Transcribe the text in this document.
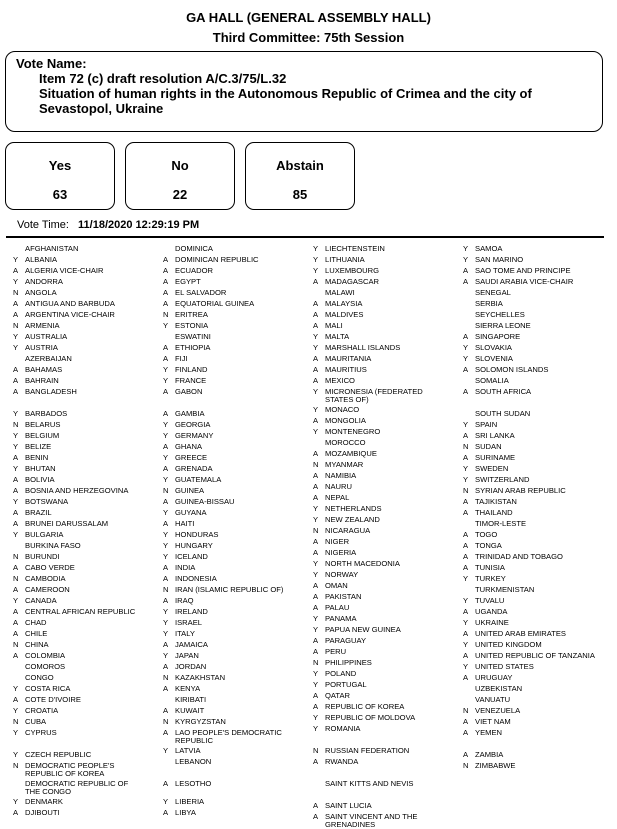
GA HALL (GENERAL ASSEMBLY HALL)
Third Committee: 75th Session
Vote Name:
Item 72 (c) draft resolution A/C.3/75/L.32
Situation of human rights in the Autonomous Republic of Crimea and the city of
Sevastopol, Ukraine
Yes
63
No
22
Abstain
85
Vote Time: 11/18/2020 12:29:19 PM
AFGHANISTAN
Y ALBANIA
A ALGERIA VICE-CHAIR
Y ANDORRA
N ANGOLA
A ANTIGUA AND BARBUDA
A ARGENTINA VICE-CHAIR
N ARMENIA
Y AUSTRALIA
Y AUSTRIA
AZERBAIJAN
A BAHAMAS
A BAHRAIN
A BANGLADESH
Y BARBADOS
N BELARUS
Y BELGIUM
Y BELIZE
A BENIN
Y BHUTAN
A BOLIVIA
A BOSNIA AND HERZEGOVINA
Y BOTSWANA
A BRAZIL
A BRUNEI DARUSSALAM
Y BULGARIA
BURKINA FASO
N BURUNDI
A CABO VERDE
N CAMBODIA
A CAMEROON
Y CANADA
A CENTRAL AFRICAN REPUBLIC
A CHAD
A CHILE
N CHINA
A COLOMBIA
COMOROS
CONGO
Y COSTA RICA
A COTE D'IVOIRE
Y CROATIA
N CUBA
Y CYPRUS
Y CZECH REPUBLIC
N DEMOCRATIC PEOPLE'S REPUBLIC OF KOREA
DEMOCRATIC REPUBLIC OF THE CONGO
Y DENMARK
A DJIBOUTI
DOMINICA
A DOMINICAN REPUBLIC
A ECUADOR
A EGYPT
A EL SALVADOR
A EQUATORIAL GUINEA
N ERITREA
Y ESTONIA
ESWATINI
A ETHIOPIA
A FIJI
Y FINLAND
Y FRANCE
A GABON
A GAMBIA
Y GEORGIA
Y GERMANY
A GHANA
Y GREECE
A GRENADA
Y GUATEMALA
N GUINEA
A GUINEA-BISSAU
Y GUYANA
A HAITI
Y HONDURAS
Y HUNGARY
Y ICELAND
A INDIA
A INDONESIA
N IRAN (ISLAMIC REPUBLIC OF)
A IRAQ
Y IRELAND
Y ISRAEL
Y ITALY
A JAMAICA
Y JAPAN
A JORDAN
N KAZAKHSTAN
A KENYA
KIRIBATI
A KUWAIT
N KYRGYZSTAN
A LAO PEOPLE'S DEMOCRATIC REPUBLIC
Y LATVIA
LEBANON
A LESOTHO
Y LIBERIA
A LIBYA
Y LIECHTENSTEIN
Y LITHUANIA
Y LUXEMBOURG
A MADAGASCAR
MALAWI
A MALAYSIA
A MALDIVES
A MALI
Y MALTA
Y MARSHALL ISLANDS
A MAURITANIA
A MAURITIUS
A MEXICO
Y MICRONESIA (FEDERATED STATES OF)
Y MONACO
A MONGOLIA
Y MONTENEGRO
MOROCCO
A MOZAMBIQUE
N MYANMAR
A NAMIBIA
A NAURU
A NEPAL
Y NETHERLANDS
Y NEW ZEALAND
N NICARAGUA
A NIGER
A NIGERIA
Y NORTH MACEDONIA
Y NORWAY
A OMAN
A PAKISTAN
A PALAU
Y PANAMA
Y PAPUA NEW GUINEA
A PARAGUAY
A PERU
N PHILIPPINES
Y POLAND
Y PORTUGAL
A QATAR
A REPUBLIC OF KOREA
Y REPUBLIC OF MOLDOVA
Y ROMANIA
N RUSSIAN FEDERATION
A RWANDA
SAINT KITTS AND NEVIS
A SAINT LUCIA
A SAINT VINCENT AND THE GRENADINES
Y SAMOA
Y SAN MARINO
A SAO TOME AND PRINCIPE
A SAUDI ARABIA VICE-CHAIR
SENEGAL
SERBIA
SEYCHELLES
SIERRA LEONE
A SINGAPORE
Y SLOVAKIA
Y SLOVENIA
A SOLOMON ISLANDS
SOMALIA
A SOUTH AFRICA
SOUTH SUDAN
Y SPAIN
A SRI LANKA
N SUDAN
A SURINAME
Y SWEDEN
Y SWITZERLAND
N SYRIAN ARAB REPUBLIC
A TAJIKISTAN
A THAILAND
TIMOR-LESTE
A TOGO
A TONGA
A TRINIDAD AND TOBAGO
A TUNISIA
Y TURKEY
TURKMENISTAN
Y TUVALU
A UGANDA
Y UKRAINE
A UNITED ARAB EMIRATES
Y UNITED KINGDOM
A UNITED REPUBLIC OF TANZANIA
Y UNITED STATES
A URUGUAY
UZBEKISTAN
VANUATU
N VENEZUELA
A VIET NAM
A YEMEN
A ZAMBIA
N ZIMBABWE
